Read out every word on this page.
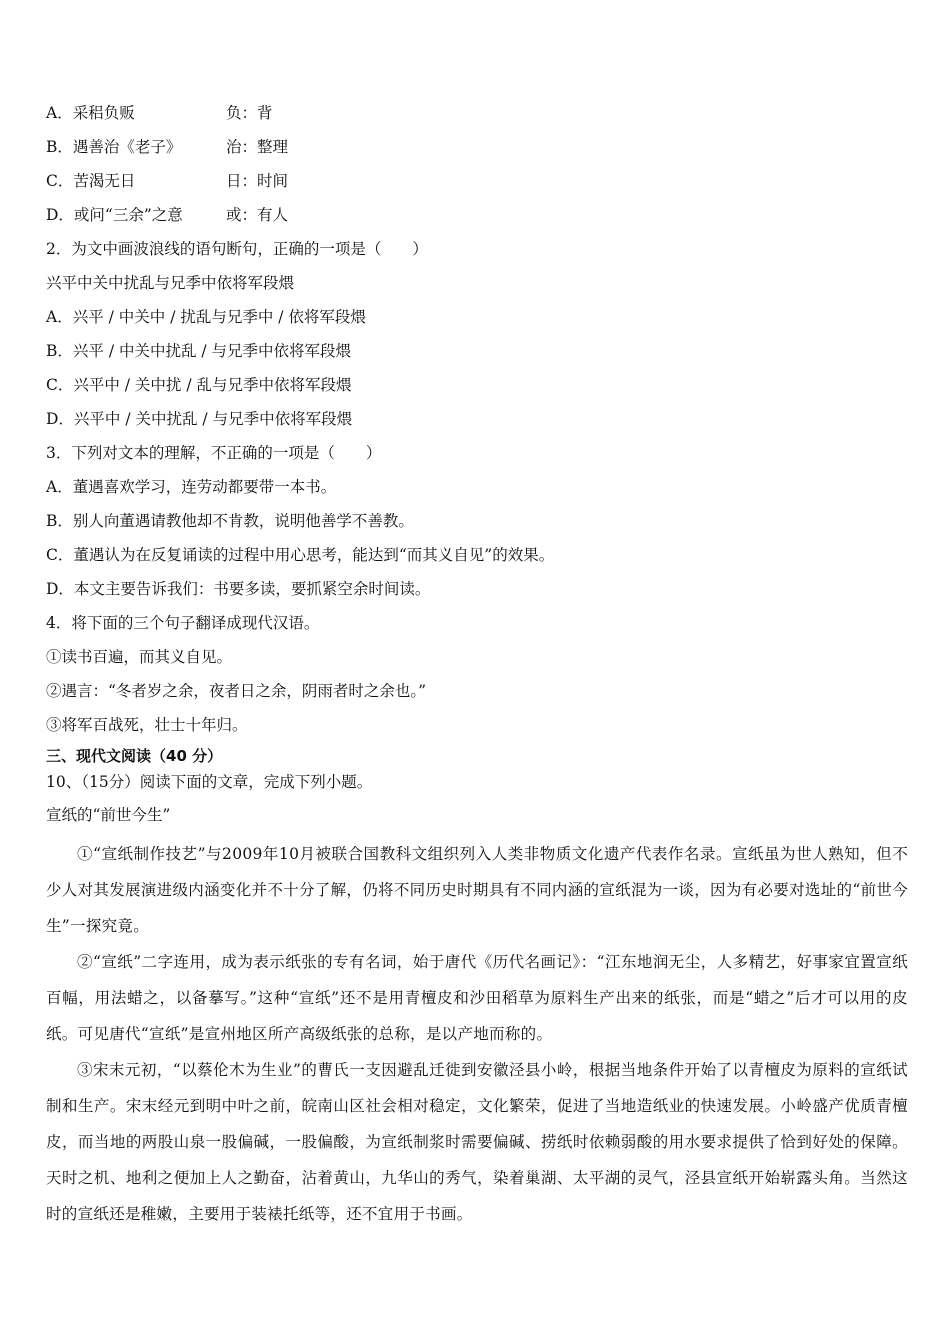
A．采稆负贩	负：背
B．遇善治《老子》	治：整理
C．苦渴无日	日：时间
D．或问“三余”之意	或：有人
2．为文中画波浪线的语句断句，正确的一项是（　　）
兴平中关中扰乱与兄季中依将军段煨
A．兴平 / 中关中 / 扰乱与兄季中 / 依将军段煨
B．兴平 / 中关中扰乱 / 与兄季中依将军段煨
C．兴平中 / 关中扰 / 乱与兄季中依将军段煨
D．兴平中 / 关中扰乱 / 与兄季中依将军段煨
3．下列对文本的理解，不正确的一项是（　　）
A．董遇喜欢学习，连劳动都要带一本书。
B．别人向董遇请教他却不肯教，说明他善学不善教。
C．董遇认为在反复诵读的过程中用心思考，能达到“而其义自见”的效果。
D．本文主要告诉我们：书要多读，要抓紧空余时间读。
4．将下面的三个句子翻译成现代汉语。
①读书百遍，而其义自见。
②遇言：“冬者岁之余，夜者日之余，阴雨者时之余也。”
③将军百战死，壮士十年归。
三、现代文阅读（40 分）
10、（15分）阅读下面的文章，完成下列小题。
宣纸的“前世今生”
①“宣纸制作技艺”与2009年10月被联合国教科文组织列入人类非物质文化遗产代表作名录。宣纸虽为世人熟知，但不少人对其发展演进级内涵变化并不十分了解，仍将不同历史时期具有不同内涵的宣纸混为一谈，因为有必要对选址的“前世今生”一探究竟。
②“宣纸”二字连用，成为表示纸张的专有名词，始于唐代《历代名画记》：“江东地润无尘，人多精艺，好事家宜置宣纸百幅，用法蜡之，以备摹写。”这种“宣纸”还不是用青檀皮和沙田稻草为原料生产出来的纸张，而是“蜡之”后才可以用的皮纸。可见唐代“宣纸”是宣州地区所产高级纸张的总称，是以产地而称的。
③宋末元初，“以蔡伦木为生业”的曹氏一支因避乱迁徙到安徽泾县小岭，根据当地条件开始了以青檀皮为原料的宣纸试制和生产。宋末经元到明中叶之前，皖南山区社会相对稳定，文化繁荣，促进了当地造纸业的快速发展。小岭盛产优质青檀皮，而当地的两股山泉一股偏碱，一股偏酸，为宣纸制浆时需要偏碱、捞纸时依赖弱酸的用水要求提供了恰到好处的保障。天时之机、地利之便加上人之勤奋，沾着黄山，九华山的秀气，染着巢湖、太平湖的灵气，泾县宣纸开始崭露头角。当然这时的宣纸还是稚嫩，主要用于装裱托纸等，还不宜用于书画。
